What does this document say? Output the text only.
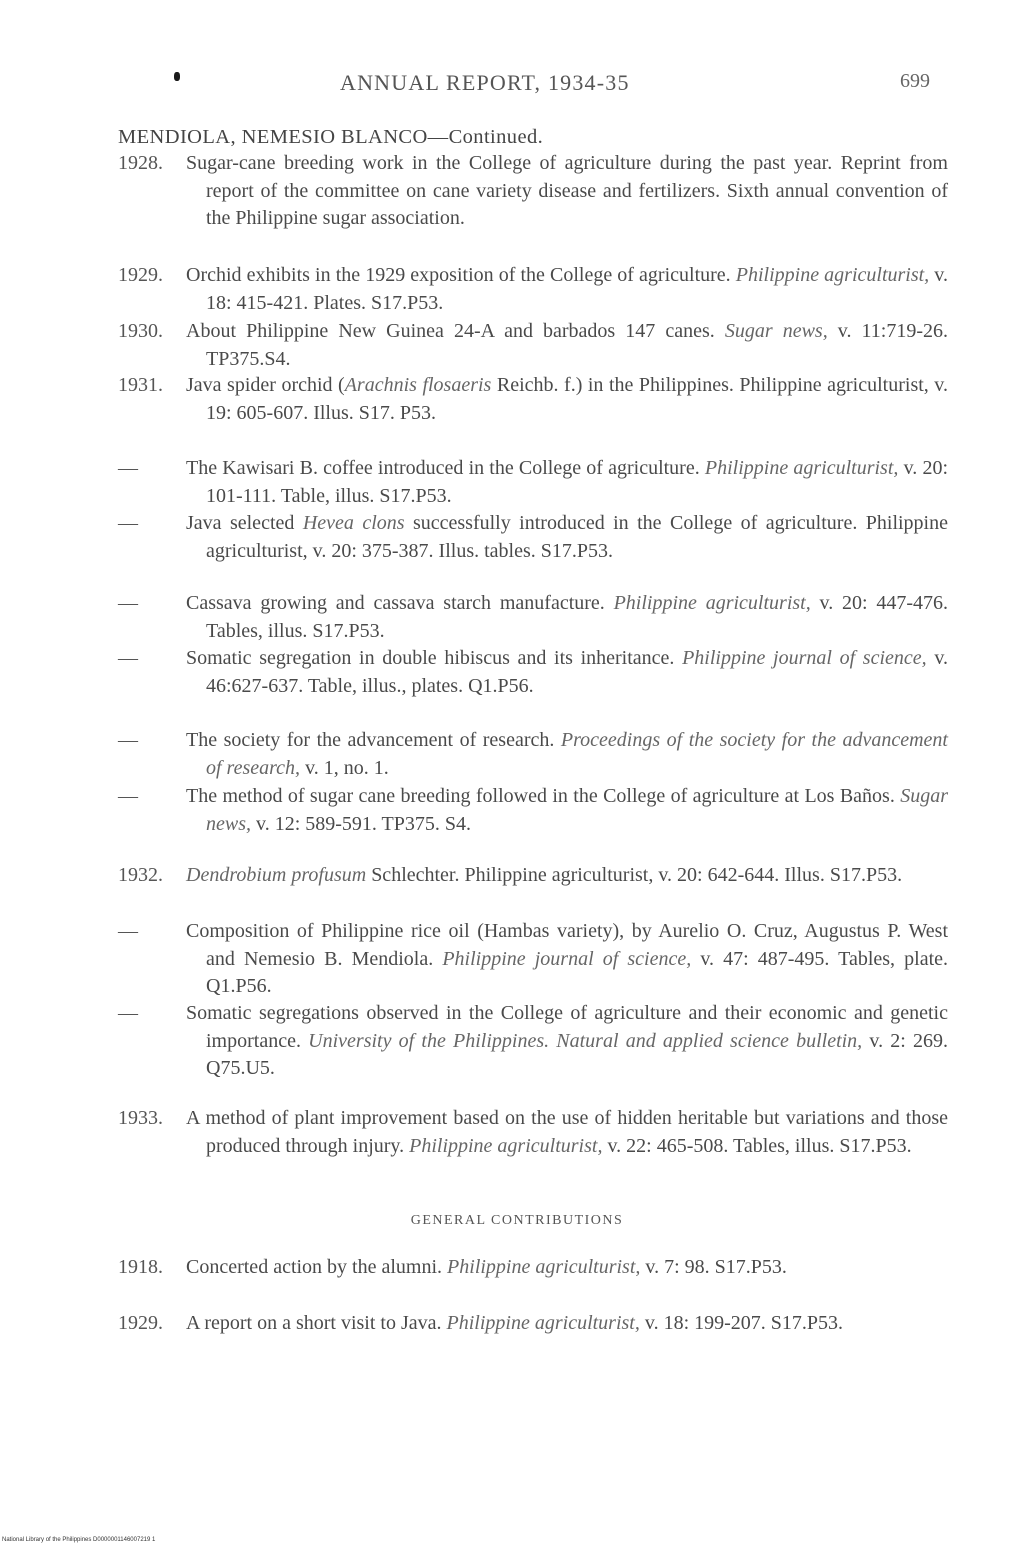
ANNUAL REPORT, 1934-35	699
MENDIOLA, NEMESIO BLANCO—Continued.
1928.	Sugar-cane breeding work in the College of agriculture during the past year. Reprint from report of the committee on cane variety disease and fertilizers. Sixth annual convention of the Philippine sugar association.
1929.	Orchid exhibits in the 1929 exposition of the College of agriculture. Philippine agriculturist, v. 18: 415-421. Plates. S17.P53.
1930.	About Philippine New Guinea 24-A and barbados 147 canes. Sugar news, v. 11:719-26. TP375.S4.
1931.	Java spider orchid (Arachnis flosaeris Reichb. f.) in the Philippines. Philippine agriculturist, v. 19: 605-607. Illus. S17. P53.
—	The Kawisari B. coffee introduced in the College of agriculture. Philippine agriculturist, v. 20: 101-111. Table, illus. S17.P53.
—	Java selected Hevea clons successfully introduced in the College of agriculture. Philippine agriculturist, v. 20: 375-387. Illus. tables. S17.P53.
—	Cassava growing and cassava starch manufacture. Philippine agriculturist, v. 20: 447-476. Tables, illus. S17.P53.
—	Somatic segregation in double hibiscus and its inheritance. Philippine journal of science, v. 46:627-637. Table, illus., plates. Q1.P56.
—	The society for the advancement of research. Proceedings of the society for the advancement of research, v. 1, no. 1.
—	The method of sugar cane breeding followed in the College of agriculture at Los Baños. Sugar news, v. 12: 589-591. TP375. S4.
1932.	Dendrobium profusum Schlechter. Philippine agriculturist, v. 20: 642-644. Illus. S17.P53.
—	Composition of Philippine rice oil (Hambas variety), by Aurelio O. Cruz, Augustus P. West and Nemesio B. Mendiola. Philippine journal of science, v. 47: 487-495. Tables, plate. Q1.P56.
—	Somatic segregations observed in the College of agriculture and their economic and genetic importance. University of the Philippines. Natural and applied science bulletin, v. 2: 269. Q75.U5.
1933.	A method of plant improvement based on the use of hidden heritable but variations and those produced through injury. Philippine agriculturist, v. 22: 465-508. Tables, illus. S17.P53.
GENERAL CONTRIBUTIONS
1918.	Concerted action by the alumni. Philippine agriculturist, v. 7: 98. S17.P53.
1929.	A report on a short visit to Java. Philippine agriculturist, v. 18: 199-207. S17.P53.
National Library of the Philippines D0000001146007219 1
